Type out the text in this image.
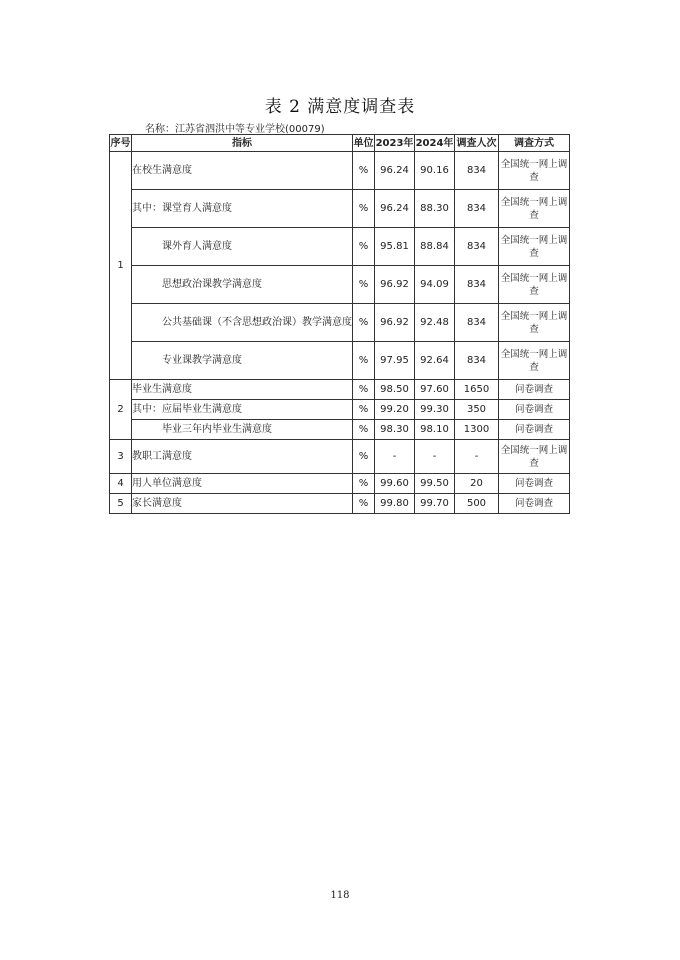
表 2 满意度调查表
名称：江苏省泗洪中等专业学校(00079)
序号	指标	单位	2023年	2024年	调查人次	调查方式
1	在校生满意度	%	96.24	90.16	834	全国统一网上调查
	其中：课堂育人满意度	%	96.24	88.30	834	全国统一网上调查
	课外育人满意度	%	95.81	88.84	834	全国统一网上调查
	思想政治课教学满意度	%	96.92	94.09	834	全国统一网上调查
	公共基础课（不含思想政治课）教学满意度	%	96.92	92.48	834	全国统一网上调查
	专业课教学满意度	%	97.95	92.64	834	全国统一网上调查
2	毕业生满意度	%	98.50	97.60	1650	问卷调查
	其中：应届毕业生满意度	%	99.20	99.30	350	问卷调查
	毕业三年内毕业生满意度	%	98.30	98.10	1300	问卷调查
3	教职工满意度	%	-	-	-	全国统一网上调查
4	用人单位满意度	%	99.60	99.50	20	问卷调查
5	家长满意度	%	99.80	99.70	500	问卷调查
118
